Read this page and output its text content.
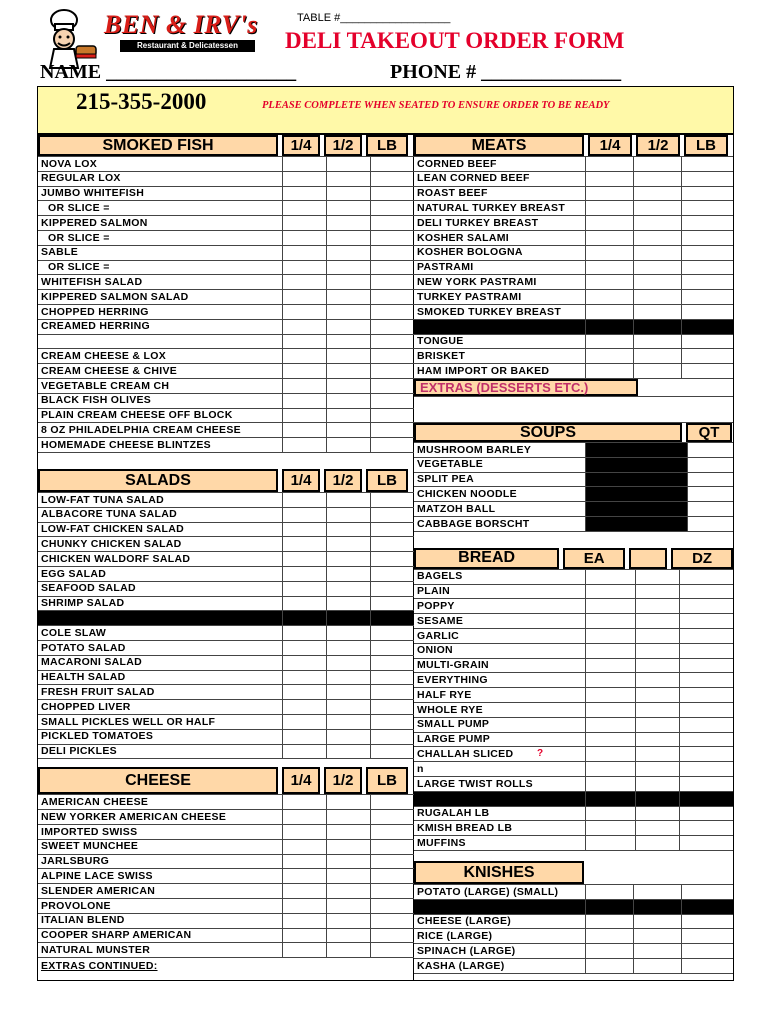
BEN & IRV's
Restaurant & Delicatessen
TABLE #__________________
DELI TAKEOUT ORDER FORM
NAME ___________________	PHONE # ______________
215-355-2000	PLEASE COMPLETE WHEN SEATED TO ENSURE ORDER TO BE READY
SMOKED FISH	1/4	1/2	LB
NOVA LOX
REGULAR LOX
JUMBO WHITEFISH
OR SLICE =
KIPPERED SALMON
OR SLICE =
SABLE
OR SLICE =
WHITEFISH SALAD
KIPPERED SALMON SALAD
CHOPPED HERRING
CREAMED HERRING
CREAM CHEESE & LOX
CREAM CHEESE & CHIVE
VEGETABLE CREAM CH
BLACK FISH OLIVES
PLAIN CREAM CHEESE OFF BLOCK
8 OZ PHILADELPHIA CREAM CHEESE
HOMEMADE CHEESE BLINTZES
SALADS	1/4	1/2	LB
LOW-FAT TUNA SALAD
ALBACORE TUNA SALAD
LOW-FAT CHICKEN SALAD
CHUNKY CHICKEN SALAD
CHICKEN WALDORF SALAD
EGG SALAD
SEAFOOD SALAD
SHRIMP SALAD
COLE SLAW
POTATO SALAD
MACARONI SALAD
HEALTH SALAD
FRESH FRUIT SALAD
CHOPPED LIVER
SMALL PICKLES WELL OR HALF
PICKLED TOMATOES
DELI PICKLES
CHEESE	1/4	1/2	LB
AMERICAN CHEESE
NEW YORKER AMERICAN CHEESE
IMPORTED SWISS
SWEET MUNCHEE
JARLSBURG
ALPINE LACE SWISS
SLENDER AMERICAN
PROVOLONE
ITALIAN BLEND
COOPER SHARP AMERICAN
NATURAL MUNSTER
EXTRAS CONTINUED:
MEATS	1/4	1/2	LB
CORNED BEEF
LEAN CORNED BEEF
ROAST BEEF
NATURAL TURKEY BREAST
DELI TURKEY BREAST
KOSHER SALAMI
KOSHER BOLOGNA
PASTRAMI
NEW YORK PASTRAMI
TURKEY PASTRAMI
SMOKED TURKEY BREAST
TONGUE
BRISKET
HAM IMPORT OR BAKED
EXTRAS (DESSERTS ETC.)
SOUPS	QT
MUSHROOM BARLEY
VEGETABLE
SPLIT PEA
CHICKEN NOODLE
MATZOH BALL
CABBAGE BORSCHT
BREAD	EA	DZ
BAGELS
PLAIN
POPPY
SESAME
GARLIC
ONION
MULTI-GRAIN
EVERYTHING
HALF RYE
WHOLE RYE
SMALL PUMP
LARGE PUMP
CHALLAH SLICED
n
LARGE TWIST ROLLS
RUGALAH LB
KMISH BREAD LB
MUFFINS
?
KNISHES
POTATO (LARGE) (SMALL)
CHEESE (LARGE)
RICE (LARGE)
SPINACH (LARGE)
KASHA (LARGE)
